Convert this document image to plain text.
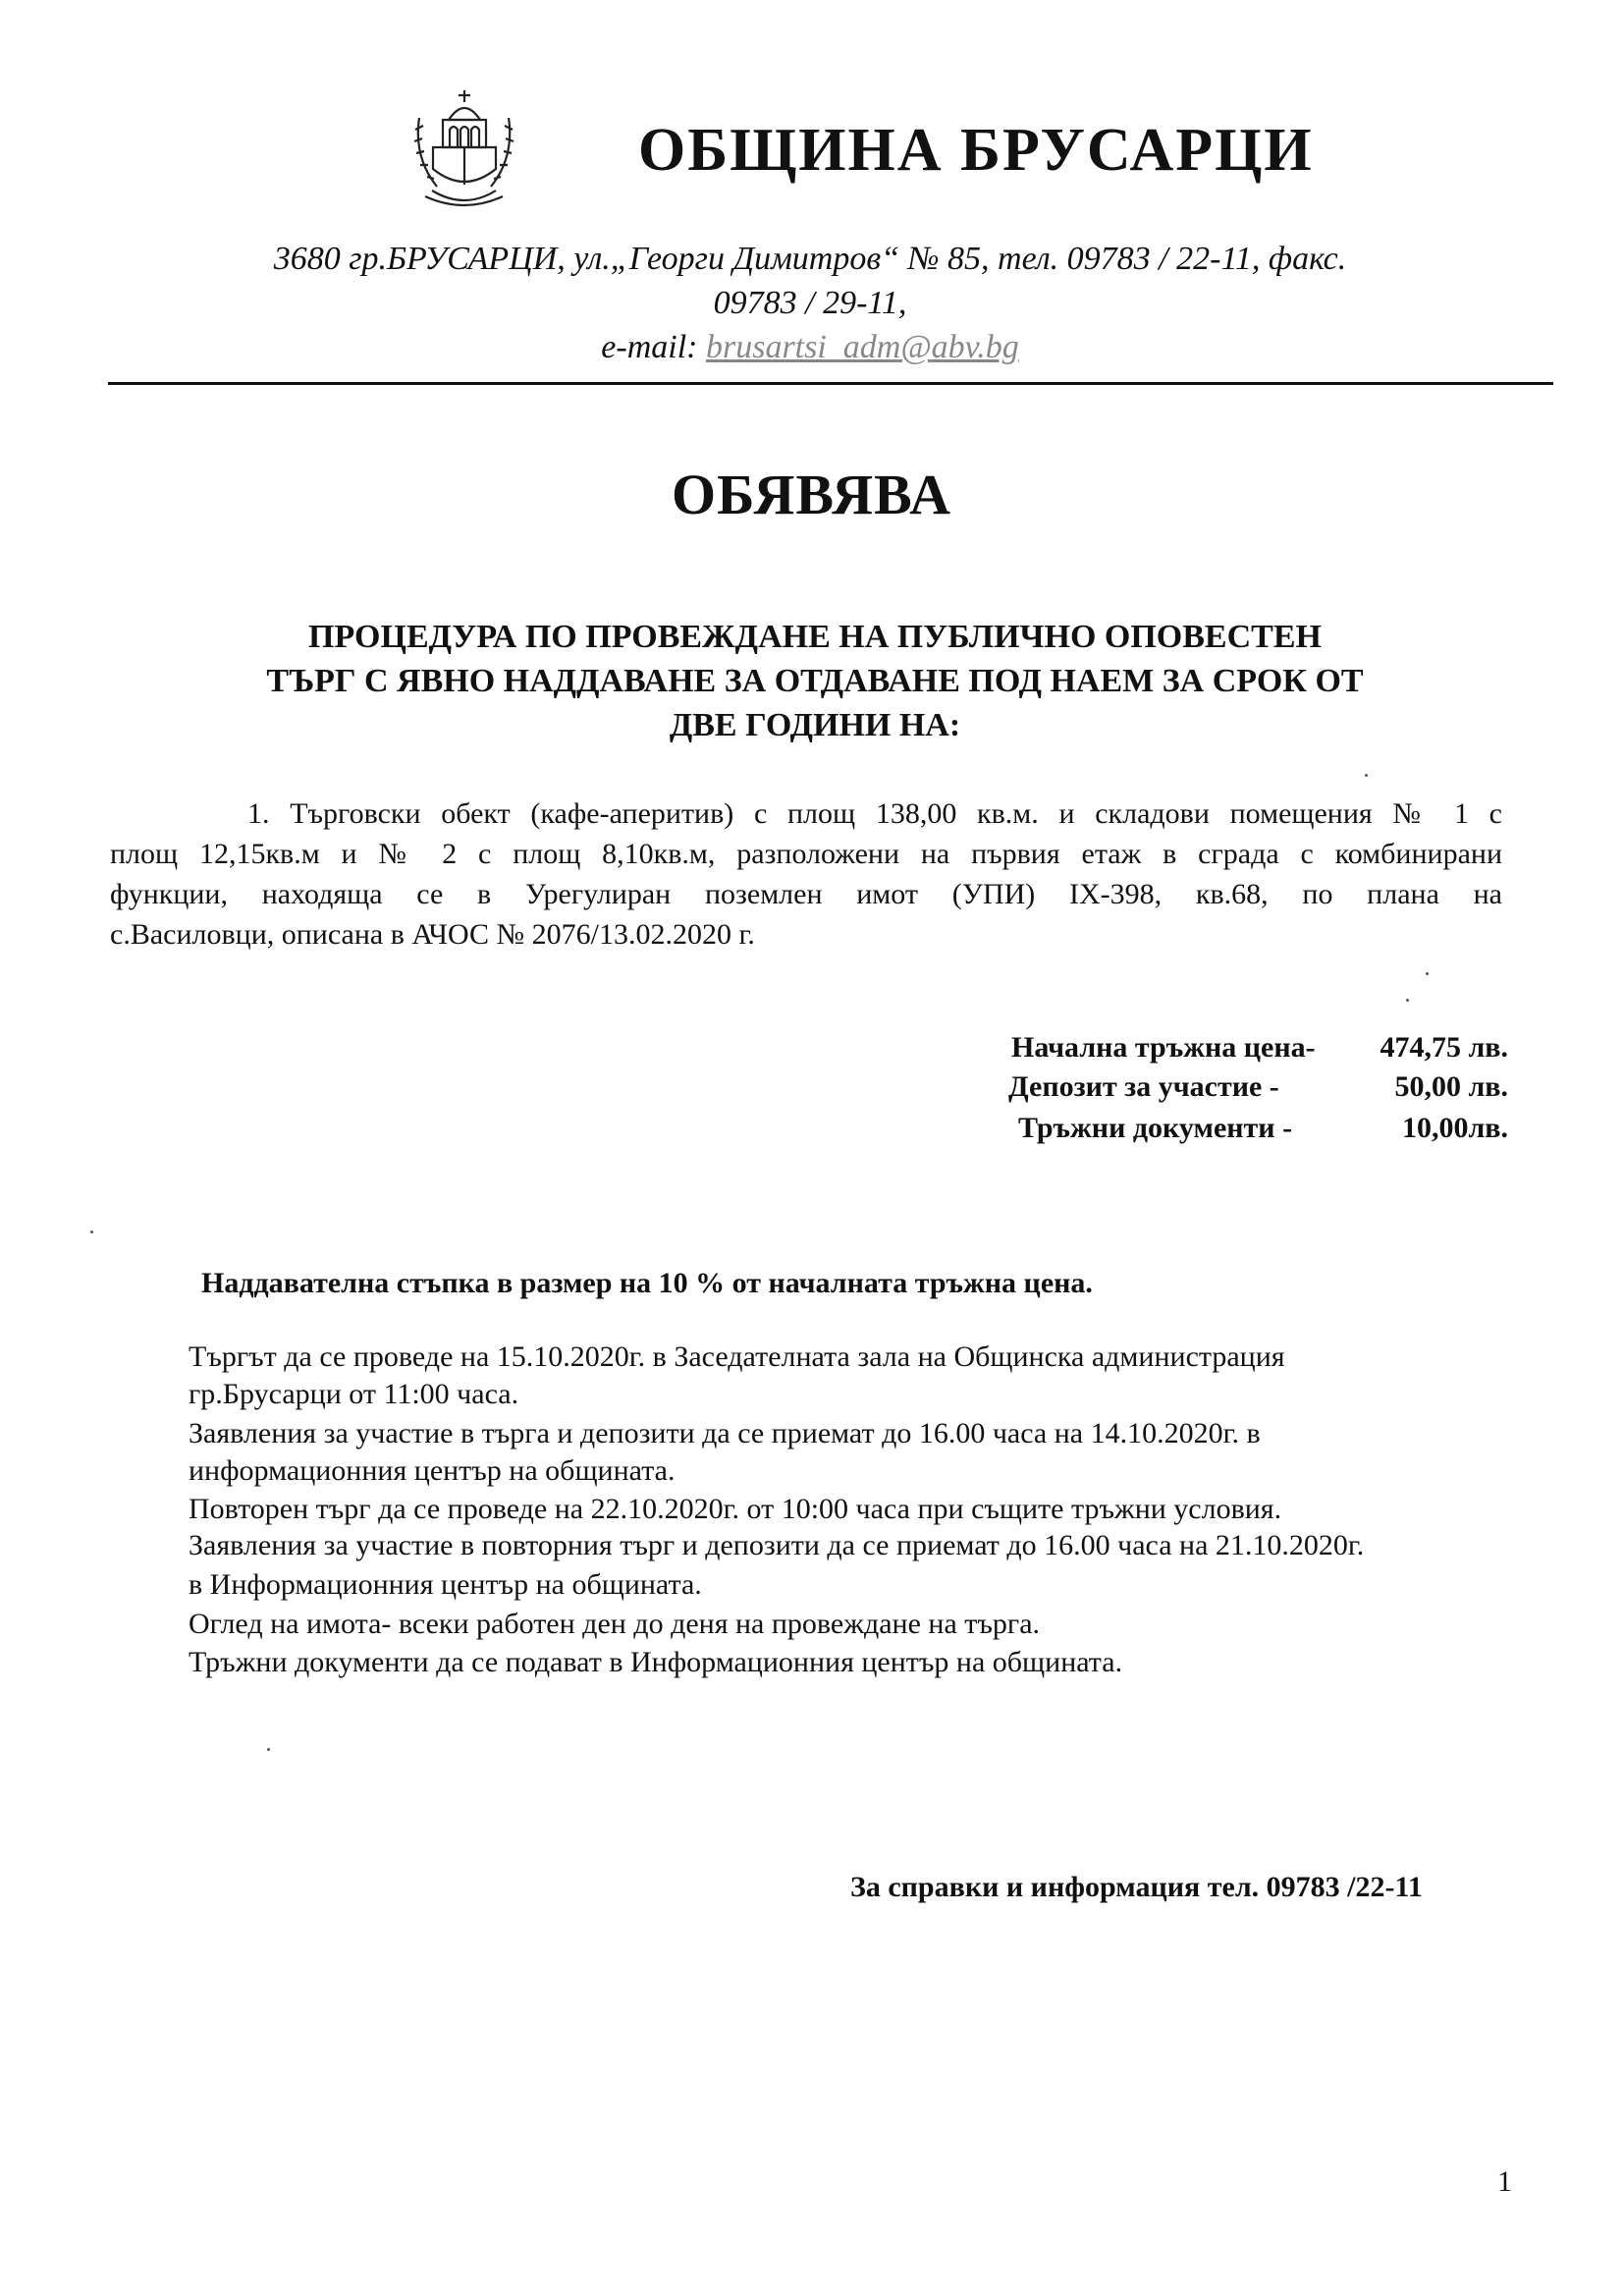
ОБЩИНА БРУСАРЦИ
3680 гр.БРУСАРЦИ, ул.„Георги Димитров“ № 85, тел. 09783 / 22-11, факс.
09783 / 29-11,
e-mail: brusartsi_adm@abv.bg
ОБЯВЯВА
ПРОЦЕДУРА ПО ПРОВЕЖДАНЕ НА ПУБЛИЧНО ОПОВЕСТЕН
ТЪРГ С ЯВНО НАДДАВАНЕ ЗА ОТДАВАНЕ ПОД НАЕМ ЗА СРОК ОТ
ДВЕ ГОДИНИ НА:
1. Търговски обект (кафе-аперитив) с площ 138,00 кв.м. и складови помещения № 1 с
площ 12,15кв.м и № 2 с площ 8,10кв.м, разположени на първия етаж в сграда с комбинирани
функции, находяща се в Урегулиран поземлен имот (УПИ) IX-398, кв.68, по плана на
с.Василовци, описана в АЧОС № 2076/13.02.2020 г.
Начална тръжна цена-	474,75 лв.
Депозит за участие -	50,00 лв.
Тръжни документи -	10,00лв.
Наддавателна стъпка в размер на 10 % от началната тръжна цена.
Търгът да се проведе на 15.10.2020г. в Заседателната зала на Общинска администрация
гр.Брусарци от 11:00 часа.
Заявления за участие в търга и депозити да се приемат до 16.00 часа на 14.10.2020г. в
информационния център на общината.
Повторен търг да се проведе на 22.10.2020г. от 10:00 часа при същите тръжни условия.
Заявления за участие в повторния търг и депозити да се приемат до 16.00 часа на 21.10.2020г.
в Информационния център на общината.
Оглед на имота- всеки работен ден до деня на провеждане на търга.
Тръжни документи да се подават в Информационния център на общината.
За справки и информация тел. 09783 /22-11
1
